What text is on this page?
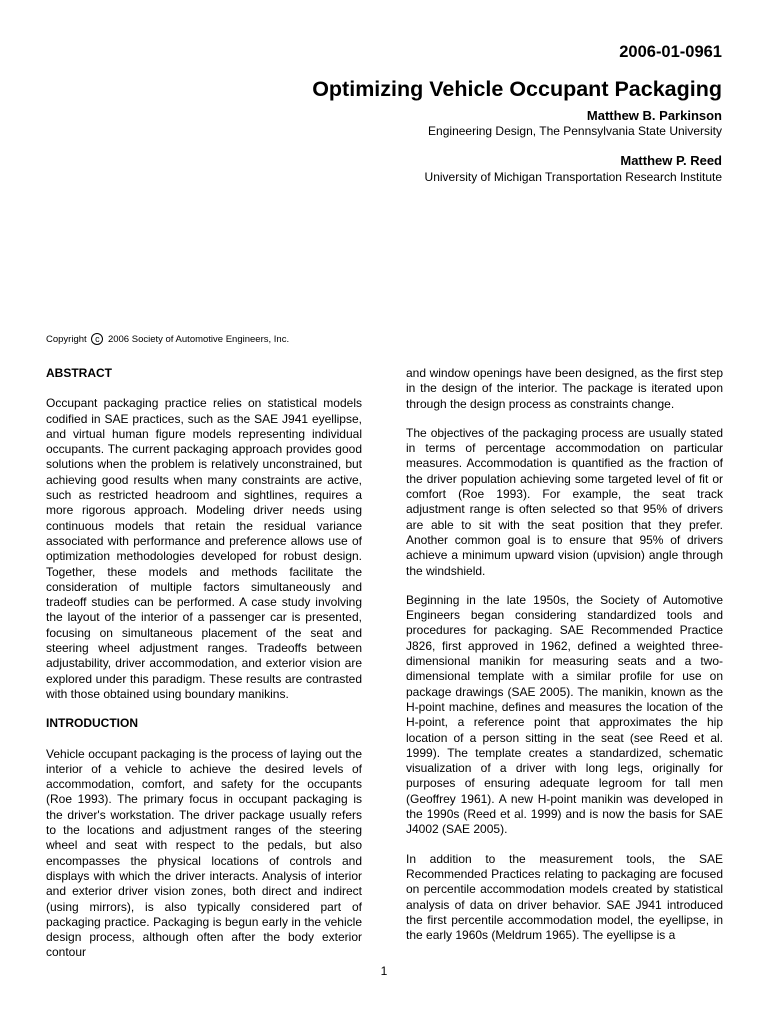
2006-01-0961
Optimizing Vehicle Occupant Packaging
Matthew B. Parkinson
Engineering Design, The Pennsylvania State University
Matthew P. Reed
University of Michigan Transportation Research Institute
Copyright c 2006 Society of Automotive Engineers, Inc.
ABSTRACT

Occupant packaging practice relies on statistical models codified in SAE practices, such as the SAE J941 eyellipse, and virtual human figure models representing individual occupants. The current packaging approach provides good solutions when the problem is relatively unconstrained, but achieving good results when many constraints are active, such as restricted headroom and sightlines, requires a more rigorous approach. Modeling driver needs using continuous models that retain the residual variance associated with performance and preference allows use of optimization methodologies developed for robust design. Together, these models and methods facilitate the consideration of multiple factors simultaneously and tradeoff studies can be performed. A case study involving the layout of the interior of a passenger car is presented, focusing on simultaneous placement of the seat and steering wheel adjustment ranges. Tradeoffs between adjustability, driver accommodation, and exterior vision are explored under this paradigm. These results are contrasted with those obtained using boundary manikins.

INTRODUCTION

Vehicle occupant packaging is the process of laying out the interior of a vehicle to achieve the desired levels of accommodation, comfort, and safety for the occupants (Roe 1993). The primary focus in occupant packaging is the driver's workstation. The driver package usually refers to the locations and adjustment ranges of the steering wheel and seat with respect to the pedals, but also encompasses the physical locations of controls and displays with which the driver interacts. Analysis of interior and exterior driver vision zones, both direct and indirect (using mirrors), is also typically considered part of packaging practice. Packaging is begun early in the vehicle design process, although often after the body exterior contour

and window openings have been designed, as the first step in the design of the interior. The package is iterated upon through the design process as constraints change.

The objectives of the packaging process are usually stated in terms of percentage accommodation on particular measures. Accommodation is quantified as the fraction of the driver population achieving some targeted level of fit or comfort (Roe 1993). For example, the seat track adjustment range is often selected so that 95% of drivers are able to sit with the seat position that they prefer. Another common goal is to ensure that 95% of drivers achieve a minimum upward vision (upvision) angle through the windshield.

Beginning in the late 1950s, the Society of Automotive Engineers began considering standardized tools and procedures for packaging. SAE Recommended Practice J826, first approved in 1962, defined a weighted three-dimensional manikin for measuring seats and a two-dimensional template with a similar profile for use on package drawings (SAE 2005). The manikin, known as the H-point machine, defines and measures the location of the H-point, a reference point that approximates the hip location of a person sitting in the seat (see Reed et al. 1999). The template creates a standardized, schematic visualization of a driver with long legs, originally for purposes of ensuring adequate legroom for tall men (Geoffrey 1961). A new H-point manikin was developed in the 1990s (Reed et al. 1999) and is now the basis for SAE J4002 (SAE 2005).

In addition to the measurement tools, the SAE Recommended Practices relating to packaging are focused on percentile accommodation models created by statistical analysis of data on driver behavior. SAE J941 introduced the first percentile accommodation model, the eyellipse, in the early 1960s (Meldrum 1965). The eyellipse is a

1
